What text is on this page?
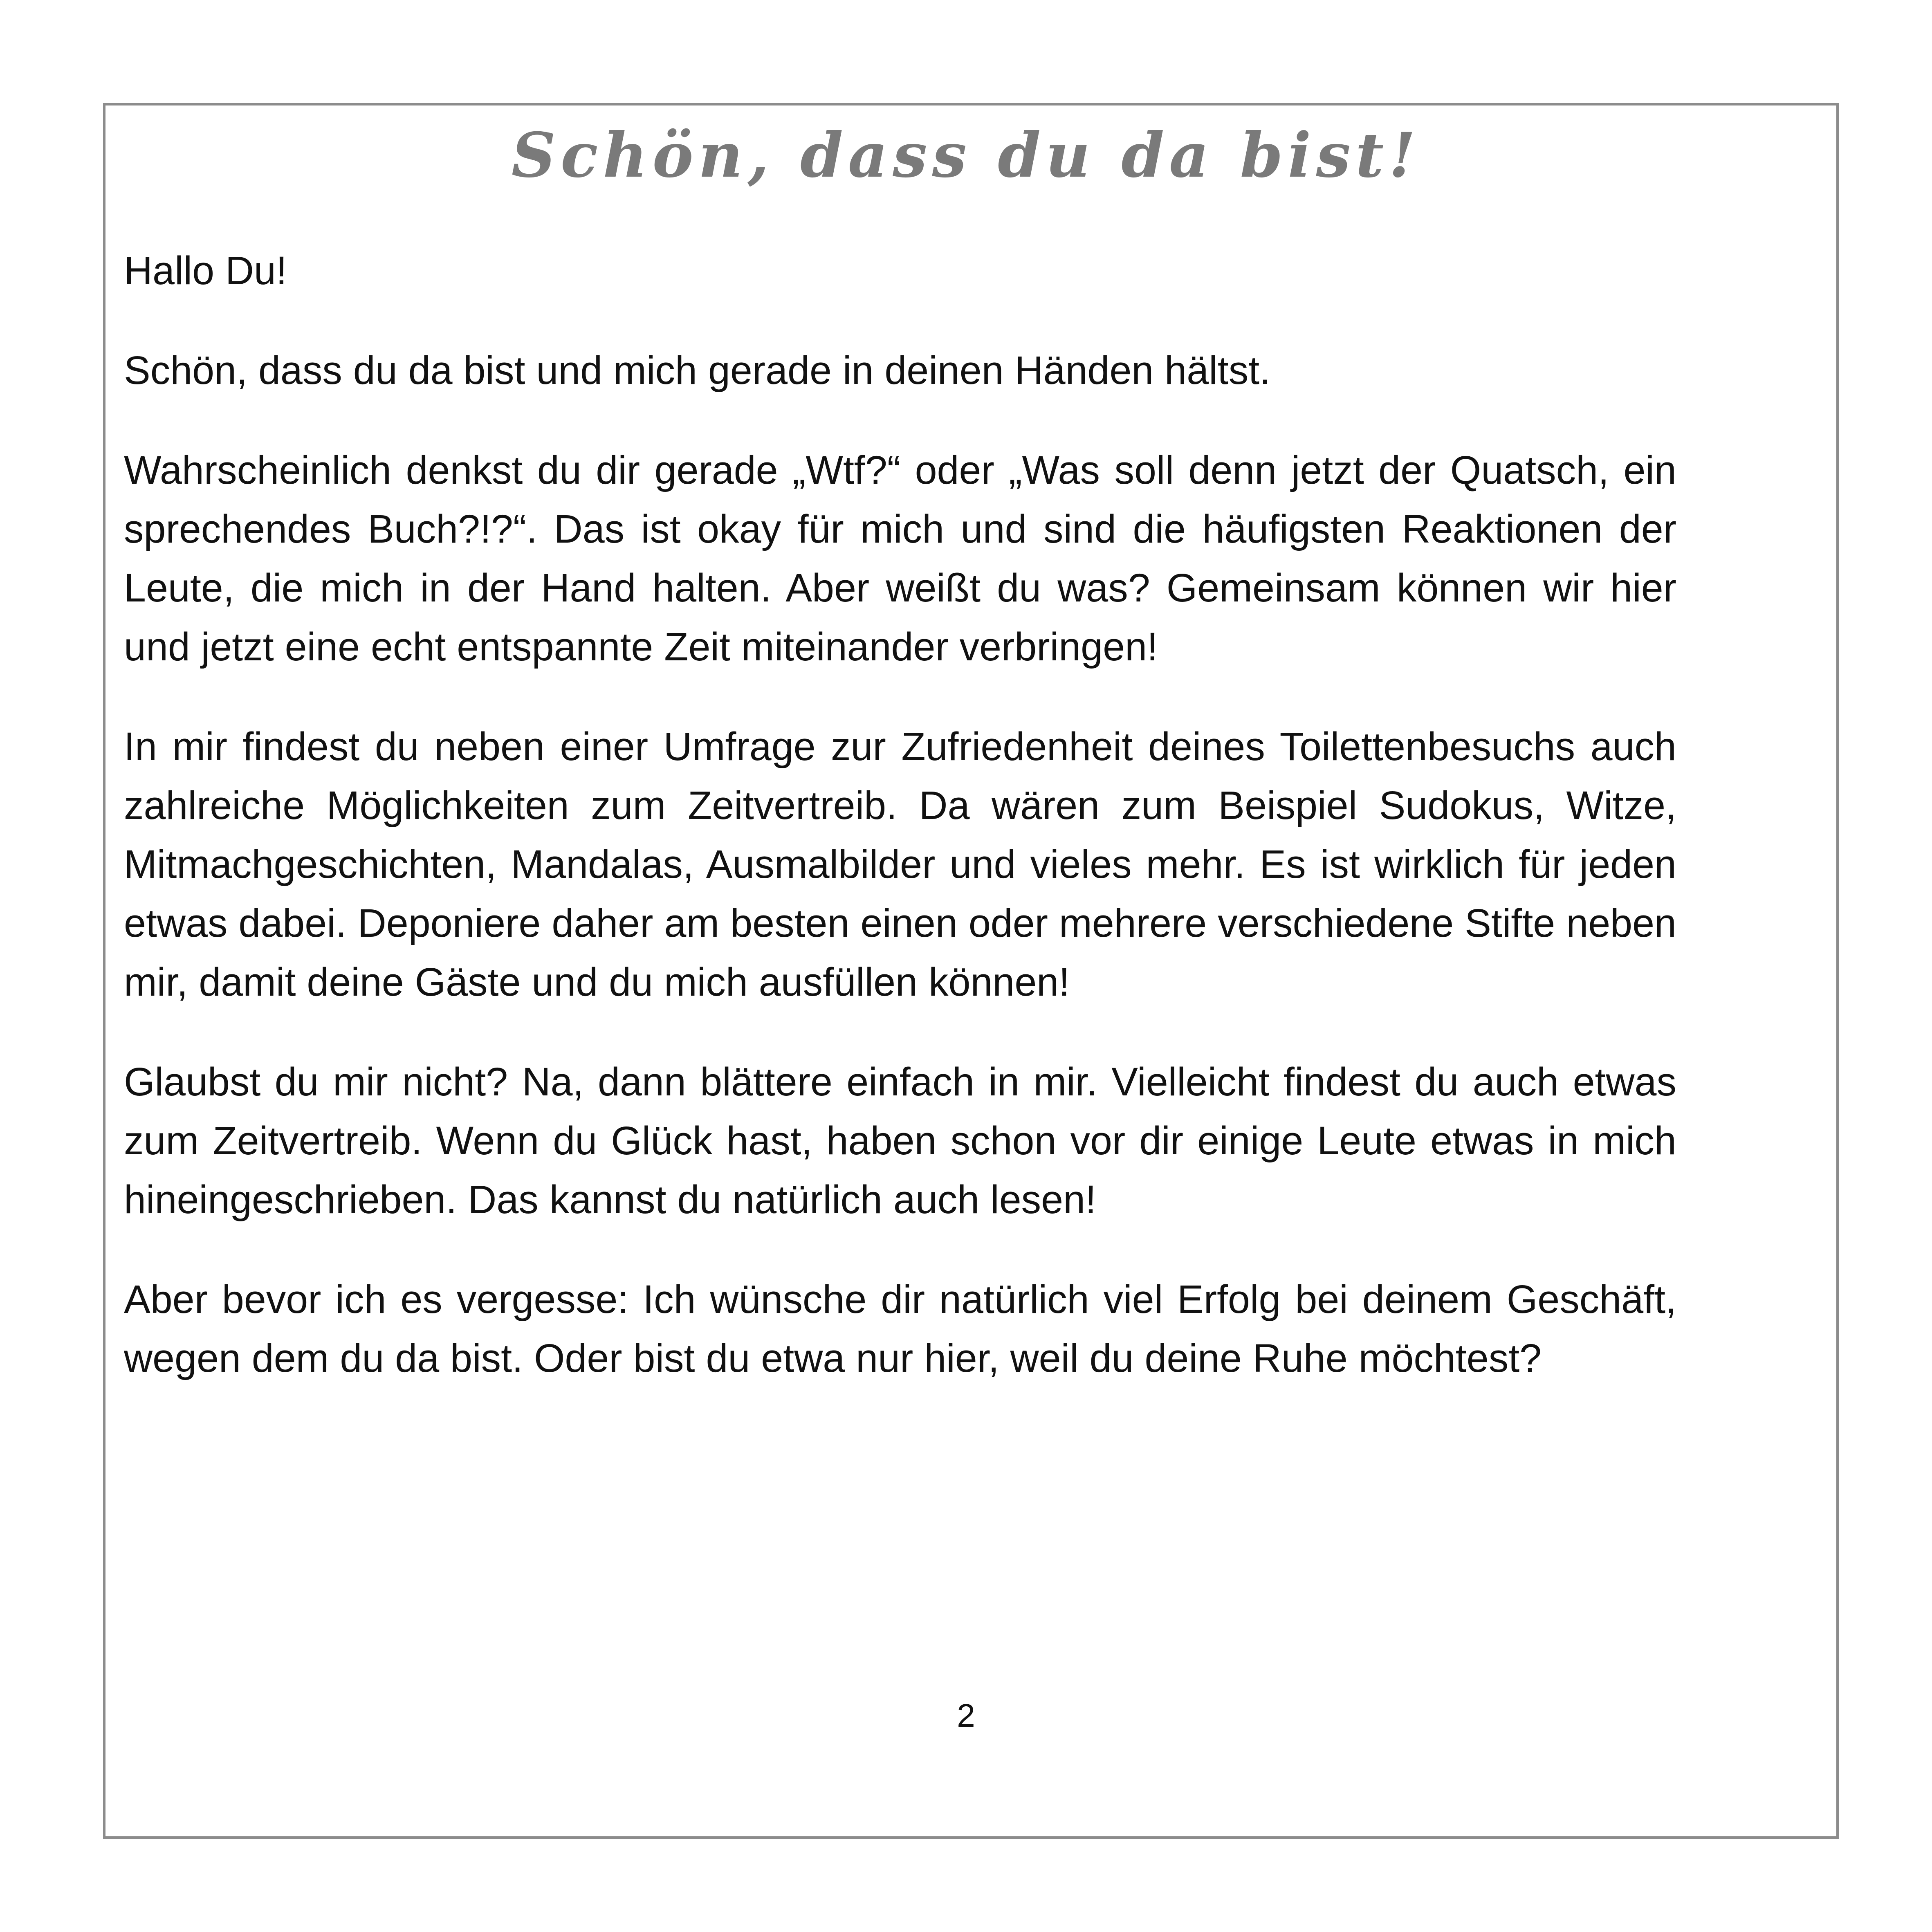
Schön, dass du da bist!

Hallo Du!

Schön, dass du da bist und mich gerade in deinen Händen hältst.

Wahrscheinlich denkst du dir gerade „Wtf?“ oder „Was soll denn jetzt der Quatsch, ein sprechendes Buch?!?“. Das ist okay für mich und sind die häufigsten Reaktionen der Leute, die mich in der Hand halten. Aber weißt du was? Gemeinsam können wir hier und jetzt eine echt entspannte Zeit miteinander verbringen!

In mir findest du neben einer Umfrage zur Zufriedenheit deines Toilettenbesuchs auch zahlreiche Möglichkeiten zum Zeitvertreib. Da wären zum Beispiel Sudokus, Witze, Mitmachgeschichten, Mandalas, Ausmalbilder und vieles mehr. Es ist wirklich für jeden etwas dabei. Deponiere daher am besten einen oder mehrere verschiedene Stifte neben mir, damit deine Gäste und du mich ausfüllen können!

Glaubst du mir nicht? Na, dann blättere einfach in mir. Vielleicht findest du auch etwas zum Zeitvertreib. Wenn du Glück hast, haben schon vor dir einige Leute etwas in mich hineingeschrieben. Das kannst du natürlich auch lesen!

Aber bevor ich es vergesse: Ich wünsche dir natürlich viel Erfolg bei deinem Geschäft, wegen dem du da bist. Oder bist du etwa nur hier, weil du deine Ruhe möchtest?

2
